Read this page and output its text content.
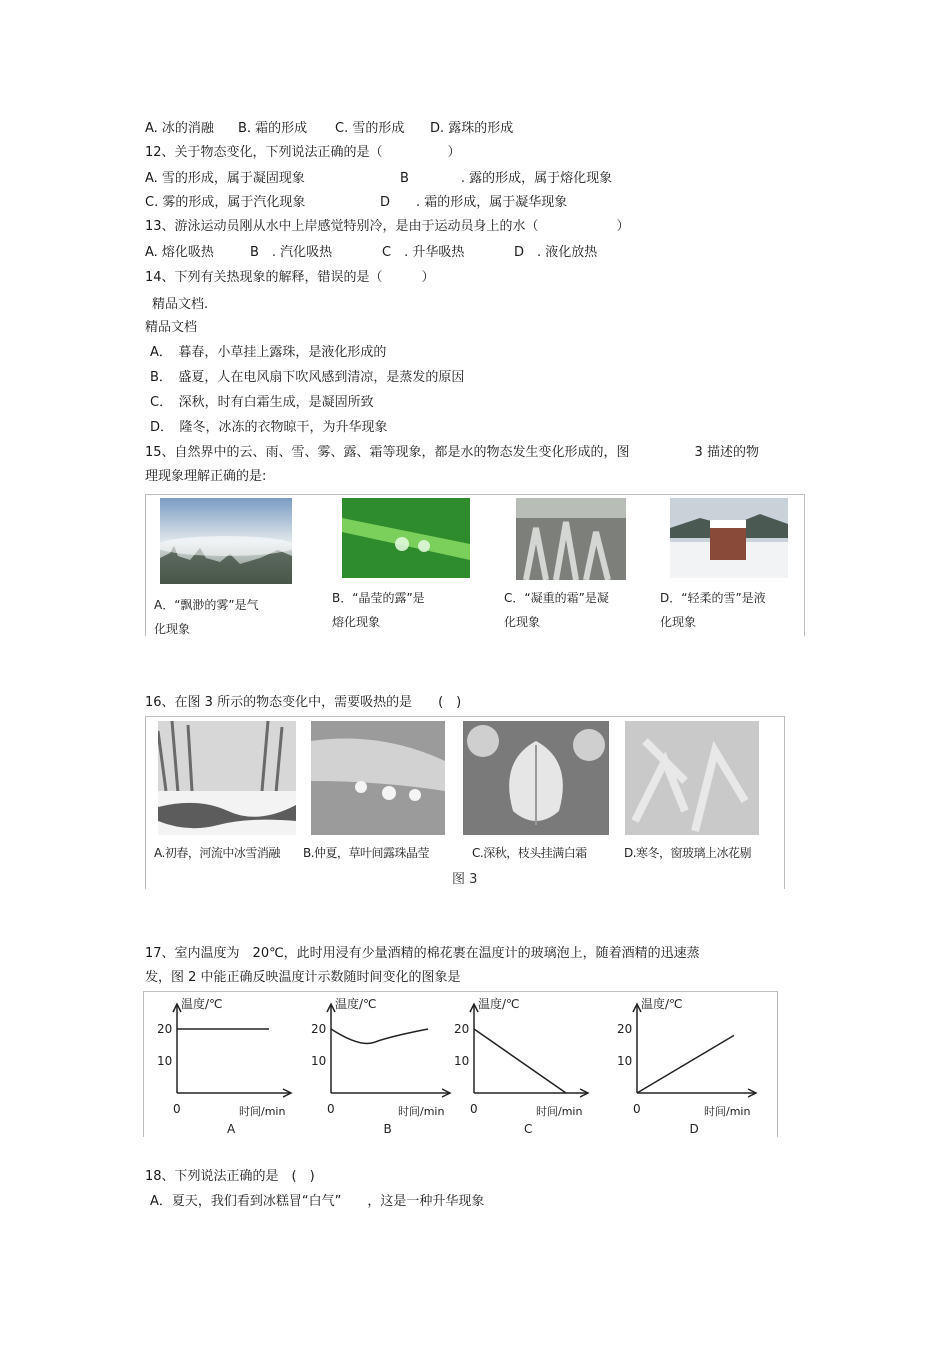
A. 冰的消融 B. 霜的形成 C. 雪的形成 D. 露珠的形成
12、关于物态变化，下列说法正确的是（　　　　　）
A. 雪的形成，属于凝固现象	B　　　　. 露的形成，属于熔化现象
C. 雾的形成，属于汽化现象	D　　. 霜的形成，属于凝华现象
13、游泳运动员刚从水中上岸感觉特别冷，是由于运动员身上的水（　　　　　　）
A. 熔化吸热	B　. 汽化吸热	C　. 升华吸热	D　. 液化放热
14、下列有关热现象的解释，错误的是（　　　）
精品文档.
精品文档
A．　暮春，小草挂上露珠，是液化形成的
B．　盛夏，人在电风扇下吹风感到清凉，是蒸发的原因
C．　深秋，时有白霜生成，是凝固所致
D．　隆冬，冰冻的衣物晾干，为升华现象
15、自然界中的云、雨、雪、雾、露、霜等现象，都是水的物态发生变化形成的，图　　　　　3 描述的物
理现象理解正确的是:
A．“飘渺的雾”是气
化现象
B．“晶莹的露”是
熔化现象
C．“凝重的霜”是凝
化现象
D．“轻柔的雪”是液
化现象
16、在图 3 所示的物态变化中，需要吸热的是　　(　)
A.初春，河流中冰雪消融 B.仲夏，草叶间露珠晶莹	C.深秋，枝头挂满白霜	D.寒冬，窗玻璃上冰花剔
图 3
17、室内温度为　20℃，此时用浸有少量酒精的棉花裹在温度计的玻璃泡上，随着酒精的迅速蒸
发，图 2 中能正确反映温度计示数随时间变化的图象是
温度/℃
20
10
0	时间/min
A
温度/℃
20
10
0	时间/min
B
温度/℃
20
10
0	时间/min
C
温度/℃
20
10
0	时间/min
D
18、下列说法正确的是　(　)
A．夏天，我们看到冰糕冒“白气”　　，这是一种升华现象
